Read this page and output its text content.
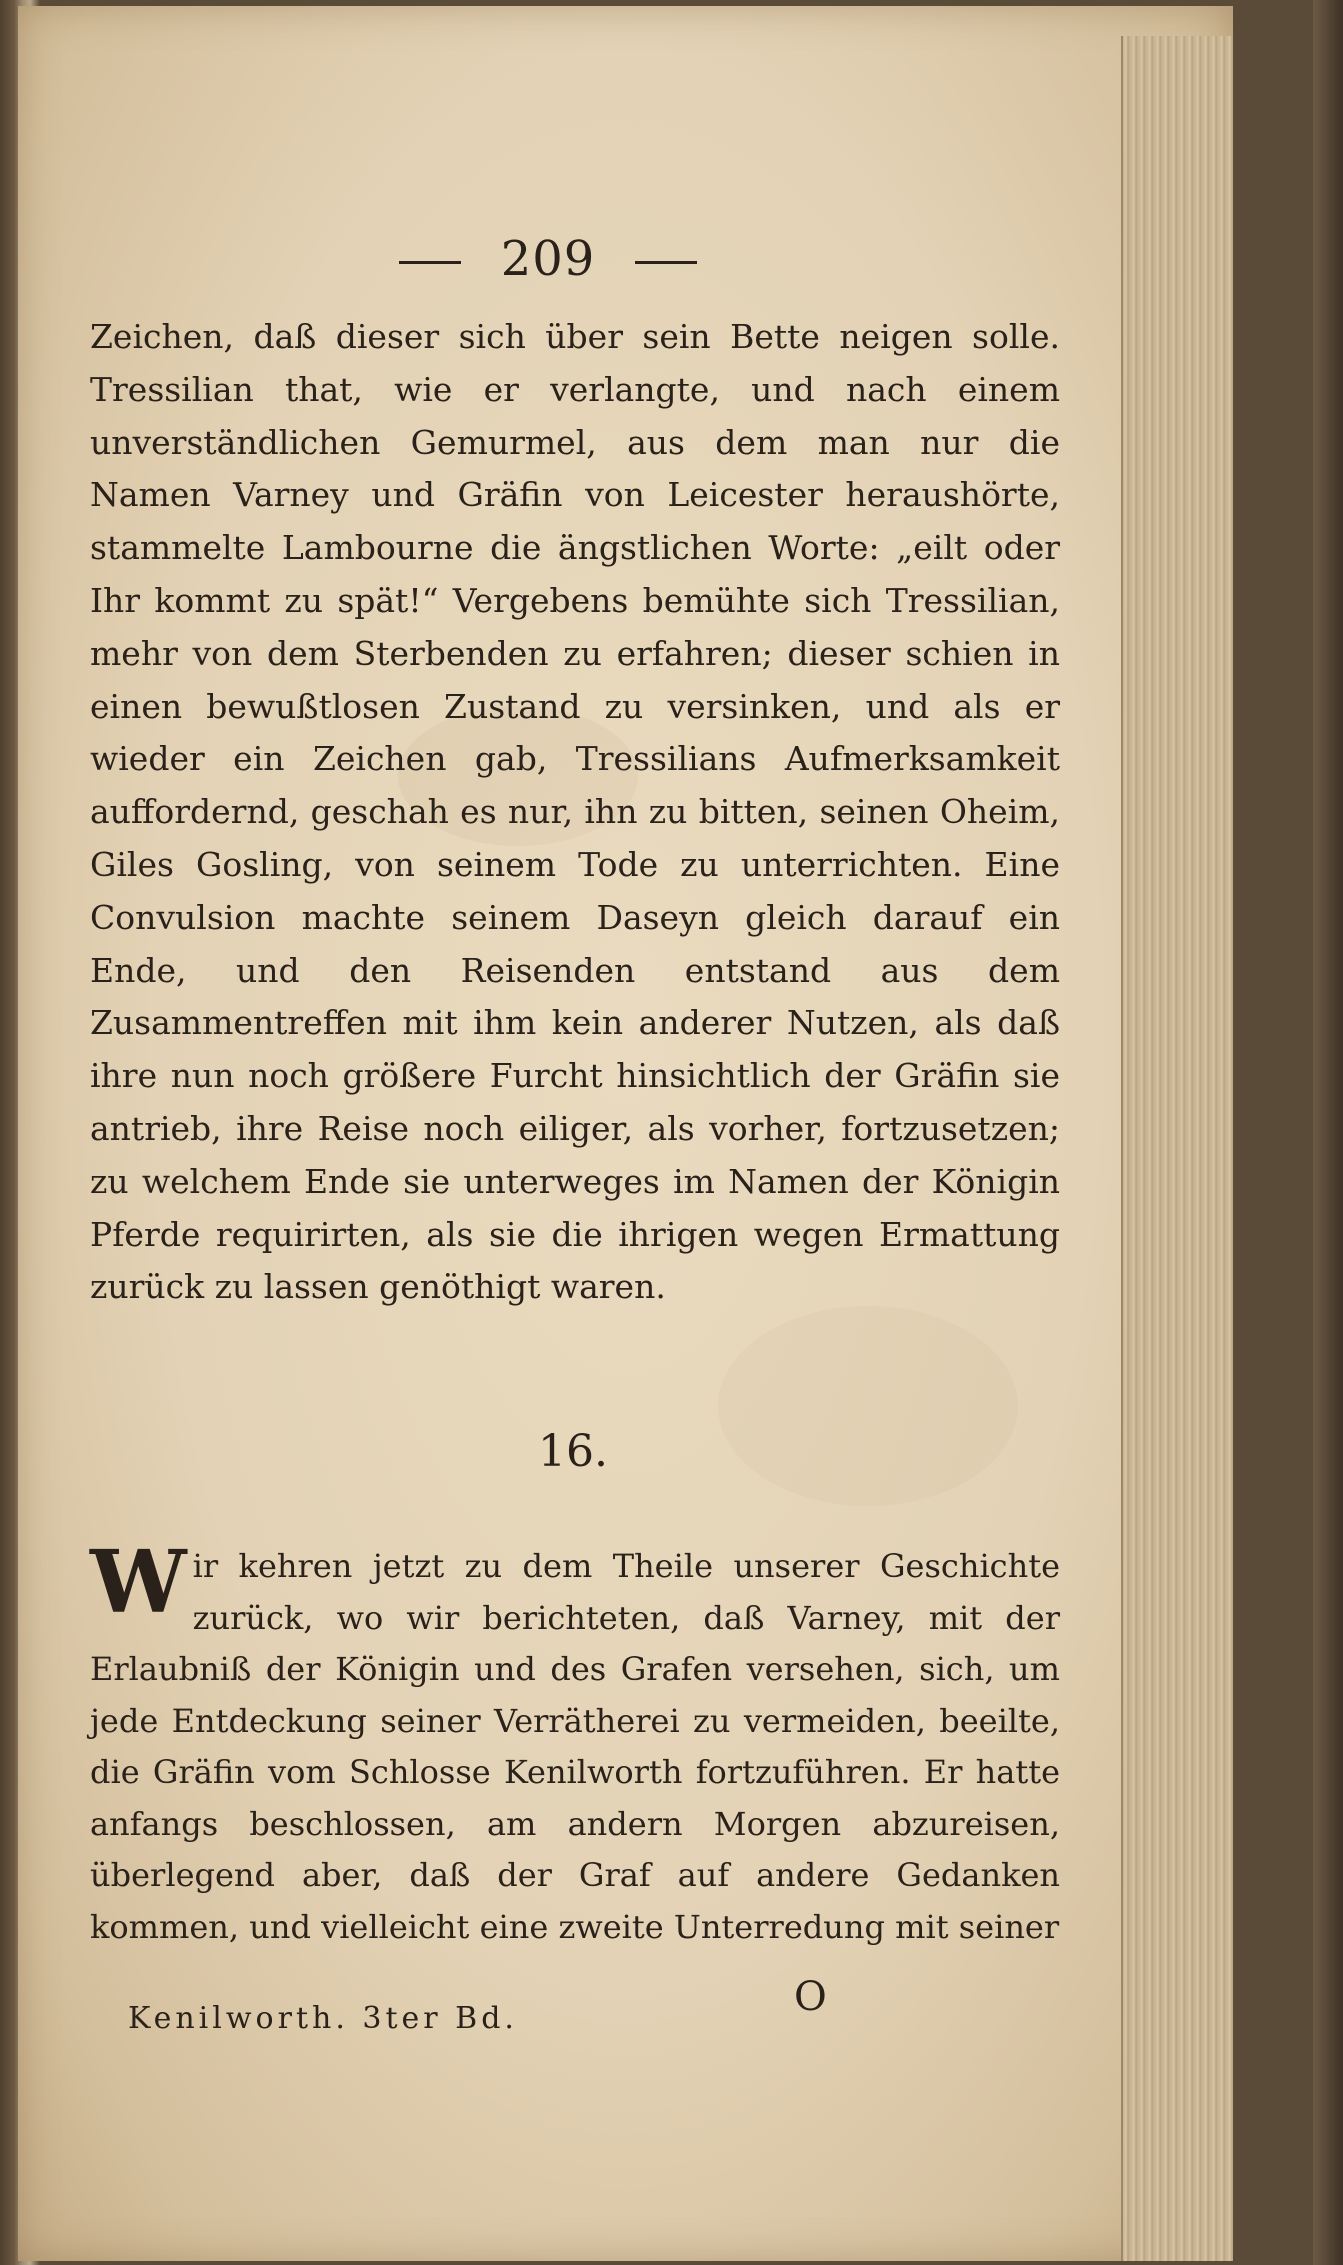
209
Zeichen, daß dieser sich über sein Bette neigen solle. Tressilian that, wie er verlangte, und nach einem unverständlichen Gemurmel, aus dem man nur die Namen Varney und Gräfin von Leicester heraushörte, stammelte Lambourne die ängstlichen Worte: „eilt oder Ihr kommt zu spät!“ Vergebens bemühte sich Tressilian, mehr von dem Sterbenden zu erfahren; dieser schien in einen bewußtlosen Zustand zu versinken, und als er wieder ein Zeichen gab, Tressilians Aufmerksamkeit auffordernd, geschah es nur, ihn zu bitten, seinen Oheim, Giles Gosling, von seinem Tode zu unterrichten. Eine Convulsion machte seinem Daseyn gleich darauf ein Ende, und den Reisenden entstand aus dem Zusammentreffen mit ihm kein anderer Nutzen, als daß ihre nun noch größere Furcht hinsichtlich der Gräfin sie antrieb, ihre Reise noch eiliger, als vorher, fortzusetzen; zu welchem Ende sie unterweges im Namen der Königin Pferde requirirten, als sie die ihrigen wegen Ermattung zurück zu lassen genöthigt waren.
16.
Wir kehren jetzt zu dem Theile unserer Geschichte zurück, wo wir berichteten, daß Varney, mit der Erlaubniß der Königin und des Grafen versehen, sich, um jede Entdeckung seiner Verrätherei zu vermeiden, beeilte, die Gräfin vom Schlosse Kenilworth fortzuführen. Er hatte anfangs beschlossen, am andern Morgen abzureisen, überlegend aber, daß der Graf auf andere Gedanken kommen, und vielleicht eine zweite Unterredung mit seiner
Kenilworth. 3ter Bd.	O
